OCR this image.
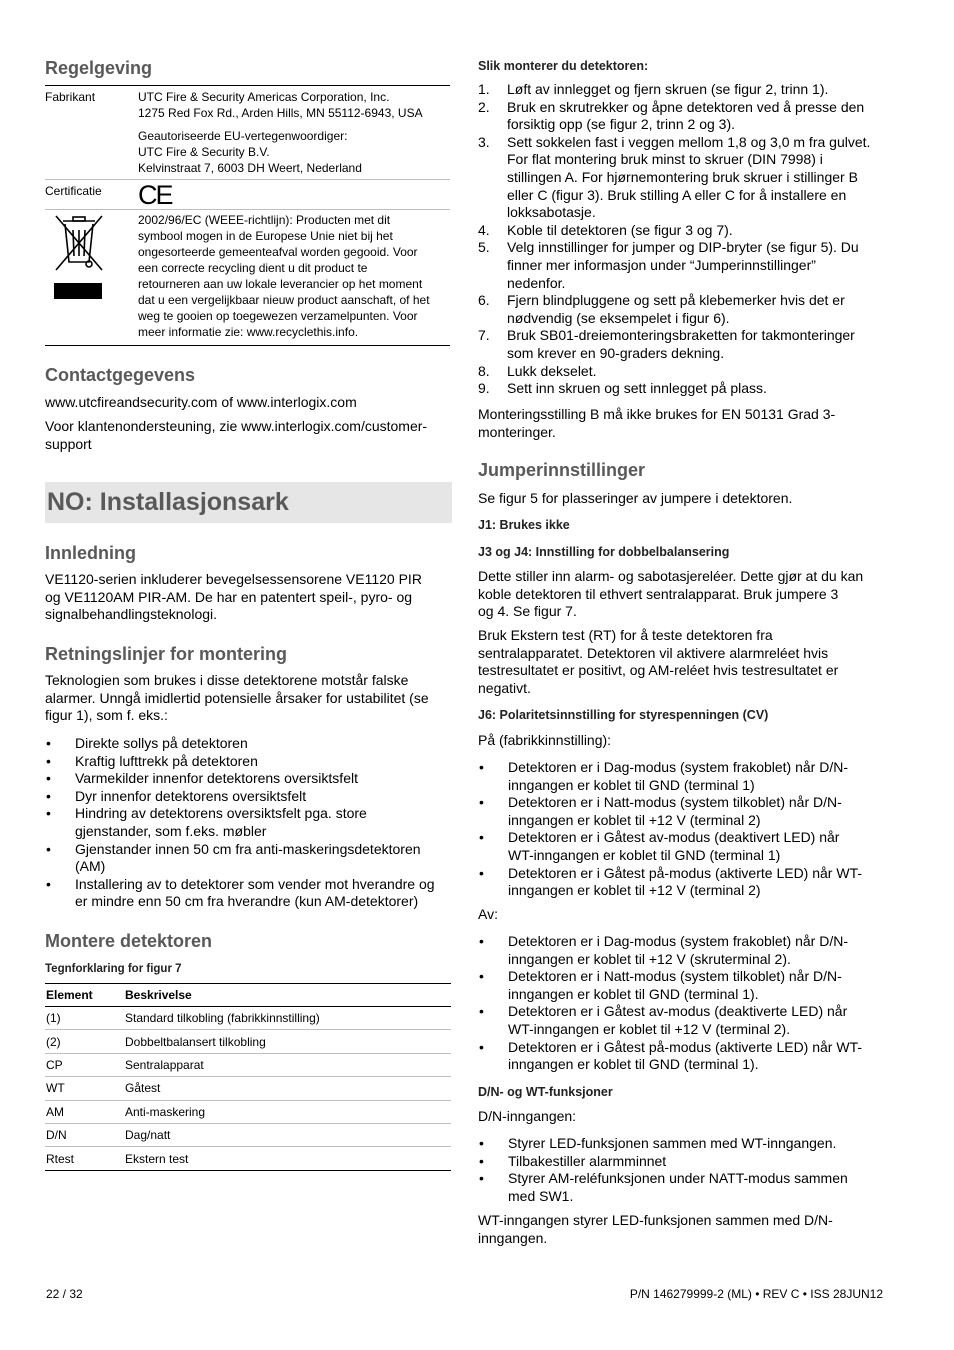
Regelgeving
Fabrikant	UTC Fire & Security Americas Corporation, Inc.
1275 Red Fox Rd., Arden Hills, MN 55112-6943, USA
Geautoriseerde EU-vertegenwoordiger:
UTC Fire & Security B.V.
Kelvinstraat 7, 6003 DH Weert, Nederland
Certificatie CE
2002/96/EC (WEEE-richtlijn): Producten met dit
symbool mogen in de Europese Unie niet bij het
ongesorteerde gemeenteafval worden gegooid. Voor
een correcte recycling dient u dit product te
retourneren aan uw lokale leverancier op het moment
dat u een vergelijkbaar nieuw product aanschaft, of het
weg te gooien op toegewezen verzamelpunten. Voor
meer informatie zie: www.recyclethis.info.
Contactgegevens
www.utcfireandsecurity.com of www.interlogix.com
Voor klantenondersteuning, zie www.interlogix.com/customer-
support
NO: Installasjonsark
Innledning
VE1120-serien inkluderer bevegelsessensorene VE1120 PIR
og VE1120AM PIR-AM. De har en patentert speil-, pyro- og
signalbehandlingsteknologi.
Retningslinjer for montering
Teknologien som brukes i disse detektorene motstår falske
alarmer. Unngå imidlertid potensielle årsaker for ustabilitet (se
figur 1), som f. eks.:
• Direkte sollys på detektoren
• Kraftig lufttrekk på detektoren
• Varmekilder innenfor detektorens oversiktsfelt
• Dyr innenfor detektorens oversiktsfelt
• Hindring av detektorens oversiktsfelt pga. store
gjenstander, som f.eks. møbler
• Gjenstander innen 50 cm fra anti-maskeringsdetektoren
(AM)
• Installering av to detektorer som vender mot hverandre og
er mindre enn 50 cm fra hverandre (kun AM-detektorer)
Montere detektoren
Tegnforklaring for figur 7
Element	Beskrivelse
(1)	Standard tilkobling (fabrikkinnstilling)
(2)	Dobbeltbalansert tilkobling
CP	Sentralapparat
WT	Gåtest
AM	Anti-maskering
D/N	Dag/natt
Rtest	Ekstern test
Slik monterer du detektoren:
1. Løft av innlegget og fjern skruen (se figur 2, trinn 1).
2. Bruk en skrutrekker og åpne detektoren ved å presse den
forsiktig opp (se figur 2, trinn 2 og 3).
3. Sett sokkelen fast i veggen mellom 1,8 og 3,0 m fra gulvet.
For flat montering bruk minst to skruer (DIN 7998) i
stillingen A. For hjørnemontering bruk skruer i stillinger B
eller C (figur 3). Bruk stilling A eller C for å installere en
lokksabotasje.
4. Koble til detektoren (se figur 3 og 7).
5. Velg innstillinger for jumper og DIP-bryter (se figur 5). Du
finner mer informasjon under “Jumperinnstillinger”
nedenfor.
6. Fjern blindpluggene og sett på klebemerker hvis det er
nødvendig (se eksempelet i figur 6).
7. Bruk SB01-dreiemonteringsbraketten for takmonteringer
som krever en 90-graders dekning.
8. Lukk dekselet.
9. Sett inn skruen og sett innlegget på plass.
Monteringsstilling B må ikke brukes for EN 50131 Grad 3-
monteringer.
Jumperinnstillinger
Se figur 5 for plasseringer av jumpere i detektoren.
J1: Brukes ikke
J3 og J4: Innstilling for dobbelbalansering
Dette stiller inn alarm- og sabotasjereléer. Dette gjør at du kan
koble detektoren til ethvert sentralapparat. Bruk jumpere 3
og 4. Se figur 7.
Bruk Ekstern test (RT) for å teste detektoren fra
sentralapparatet. Detektoren vil aktivere alarmreléet hvis
testresultatet er positivt, og AM-reléet hvis testresultatet er
negativt.
J6: Polaritetsinnstilling for styrespenningen (CV)
På (fabrikkinnstilling):
• Detektoren er i Dag-modus (system frakoblet) når D/N-
inngangen er koblet til GND (terminal 1)
• Detektoren er i Natt-modus (system tilkoblet) når D/N-
inngangen er koblet til +12 V (terminal 2)
• Detektoren er i Gåtest av-modus (deaktivert LED) når
WT-inngangen er koblet til GND (terminal 1)
• Detektoren er i Gåtest på-modus (aktiverte LED) når WT-
inngangen er koblet til +12 V (terminal 2)
Av:
• Detektoren er i Dag-modus (system frakoblet) når D/N-
inngangen er koblet til +12 V (skruterminal 2).
• Detektoren er i Natt-modus (system tilkoblet) når D/N-
inngangen er koblet til GND (terminal 1).
• Detektoren er i Gåtest av-modus (deaktiverte LED) når
WT-inngangen er koblet til +12 V (terminal 2).
• Detektoren er i Gåtest på-modus (aktiverte LED) når WT-
inngangen er koblet til GND (terminal 1).
D/N- og WT-funksjoner
D/N-inngangen:
• Styrer LED-funksjonen sammen med WT-inngangen.
• Tilbakestiller alarmminnet
• Styrer AM-reléfunksjonen under NATT-modus sammen
med SW1.
WT-inngangen styrer LED-funksjonen sammen med D/N-
inngangen.
22 / 32	P/N 146279999-2 (ML) • REV C • ISS 28JUN12
